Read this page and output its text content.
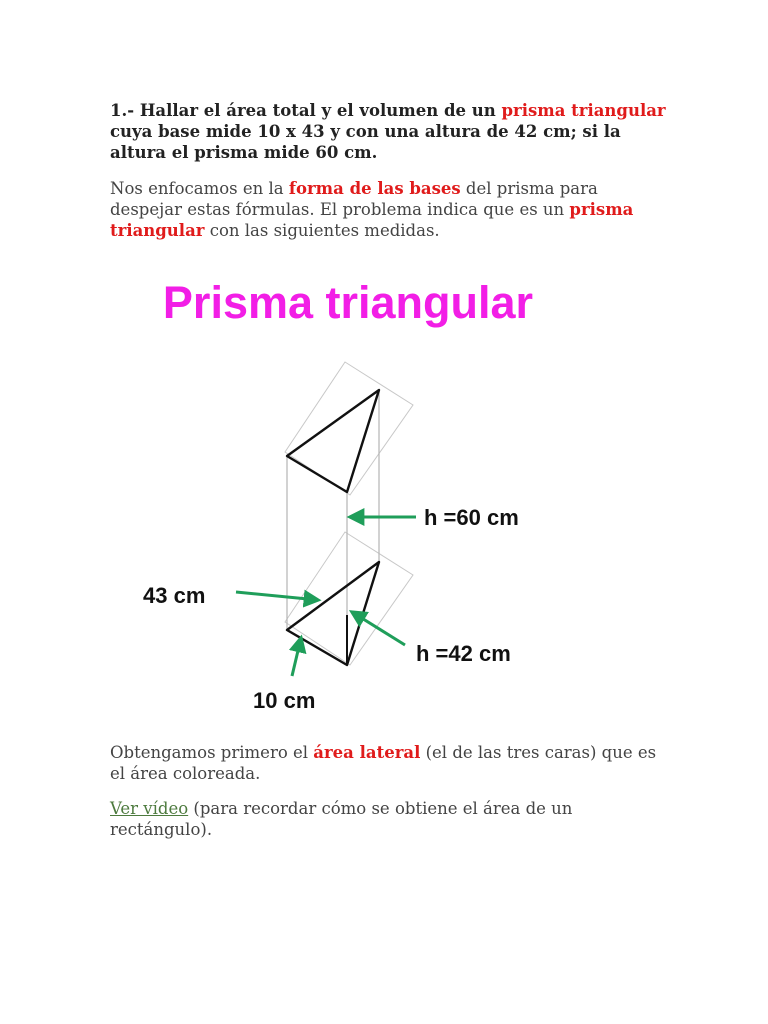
1.- Hallar el área total y el volumen de un prisma triangular cuya base mide 10 x 43 y con una altura de 42 cm; si la altura el prisma mide 60 cm.

Nos enfocamos en la forma de las bases del prisma para despejar estas fórmulas. El problema indica que es un prisma triangular con las siguientes medidas.

Prisma triangular
h =60 cm
43 cm
h =42 cm
10 cm

Obtengamos primero el área lateral (el de las tres caras) que es el área coloreada.

Ver vídeo (para recordar cómo se obtiene el área de un rectángulo).
